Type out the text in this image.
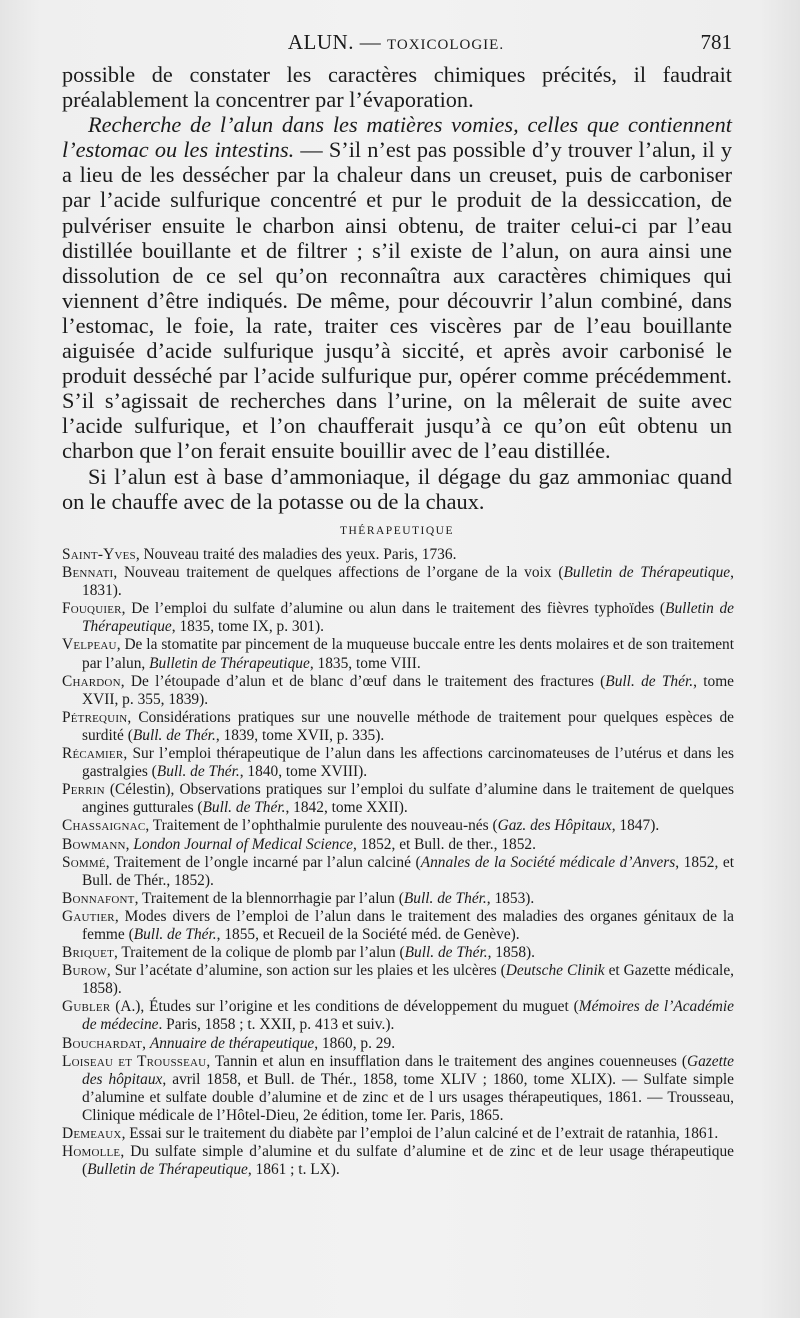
ALUN. — TOXICOLOGIE.	781

possible de constater les caractères chimiques précités, il faudrait préalablement la concentrer par l’évaporation.

Recherche de l’alun dans les matières vomies, celles que contiennent l’estomac ou les intestins. — S’il n’est pas possible d’y trouver l’alun, il y a lieu de les dessécher par la chaleur dans un creuset, puis de carboniser par l’acide sulfurique concentré et pur le produit de la dessiccation, de pulvériser ensuite le charbon ainsi obtenu, de traiter celui-ci par l’eau distillée bouillante et de filtrer ; s’il existe de l’alun, on aura ainsi une dissolution de ce sel qu’on reconnaîtra aux caractères chimiques qui viennent d’être indiqués. De même, pour découvrir l’alun combiné, dans l’estomac, le foie, la rate, traiter ces viscères par de l’eau bouillante aiguisée d’acide sulfurique jusqu’à siccité, et après avoir carbonisé le produit desséché par l’acide sulfurique pur, opérer comme précédemment. S’il s’agissait de recherches dans l’urine, on la mêlerait de suite avec l’acide sulfurique, et l’on chaufferait jusqu’à ce qu’on eût obtenu un charbon que l’on ferait ensuite bouillir avec de l’eau distillée.

Si l’alun est à base d’ammoniaque, il dégage du gaz ammoniac quand on le chauffe avec de la potasse ou de la chaux.

THÉRAPEUTIQUE

Saint-Yves, Nouveau traité des maladies des yeux. Paris, 1736.

Bennati, Nouveau traitement de quelques affections de l’organe de la voix (Bulletin de Thérapeutique, 1831).

Fouquier, De l’emploi du sulfate d’alumine ou alun dans le traitement des fièvres typhoïdes (Bulletin de Thérapeutique, 1835, tome IX, p. 301).

Velpeau, De la stomatite par pincement de la muqueuse buccale entre les dents molaires et de son traitement par l’alun, Bulletin de Thérapeutique, 1835, tome VIII.

Chardon, De l’étoupade d’alun et de blanc d’œuf dans le traitement des fractures (Bull. de Thér., tome XVII, p. 355, 1839).

Pétrequin, Considérations pratiques sur une nouvelle méthode de traitement pour quelques espèces de surdité (Bull. de Thér., 1839, tome XVII, p. 335).

Récamier, Sur l’emploi thérapeutique de l’alun dans les affections carcinomateuses de l’utérus et dans les gastralgies (Bull. de Thér., 1840, tome XVIII).

Perrin (Célestin), Observations pratiques sur l’emploi du sulfate d’alumine dans le traitement de quelques angines gutturales (Bull. de Thér., 1842, tome XXII).

Chassaignac, Traitement de l’ophthalmie purulente des nouveau-nés (Gaz. des Hôpitaux, 1847).

Bowmann, London Journal of Medical Science, 1852, et Bull. de ther., 1852.

Sommé, Traitement de l’ongle incarné par l’alun calciné (Annales de la Société médicale d’Anvers, 1852, et Bull. de Thér., 1852).

Bonnafont, Traitement de la blennorrhagie par l’alun (Bull. de Thér., 1853).

Gautier, Modes divers de l’emploi de l’alun dans le traitement des maladies des organes génitaux de la femme (Bull. de Thér., 1855, et Recueil de la Société méd. de Genève).

Briquet, Traitement de la colique de plomb par l’alun (Bull. de Thér., 1858).

Burow, Sur l’acétate d’alumine, son action sur les plaies et les ulcères (Deutsche Clinik et Gazette médicale, 1858).

Gubler (A.), Études sur l’origine et les conditions de développement du muguet (Mémoires de l’Académie de médecine. Paris, 1858 ; t. XXII, p. 413 et suiv.).

Bouchardat, Annuaire de thérapeutique, 1860, p. 29.

Loiseau et Trousseau, Tannin et alun en insufflation dans le traitement des angines couenneuses (Gazette des hôpitaux, avril 1858, et Bull. de Thér., 1858, tome XLIV ; 1860, tome XLIX). — Sulfate simple d’alumine et sulfate double d’alumine et de zinc et de l urs usages thérapeutiques, 1861. — Trousseau, Clinique médicale de l’Hôtel-Dieu, 2e édition, tome Ier. Paris, 1865.

Demeaux, Essai sur le traitement du diabète par l’emploi de l’alun calciné et de l’extrait de ratanhia, 1861.

Homolle, Du sulfate simple d’alumine et du sulfate d’alumine et de zinc et de leur usage thérapeutique (Bulletin de Thérapeutique, 1861 ; t. LX).
